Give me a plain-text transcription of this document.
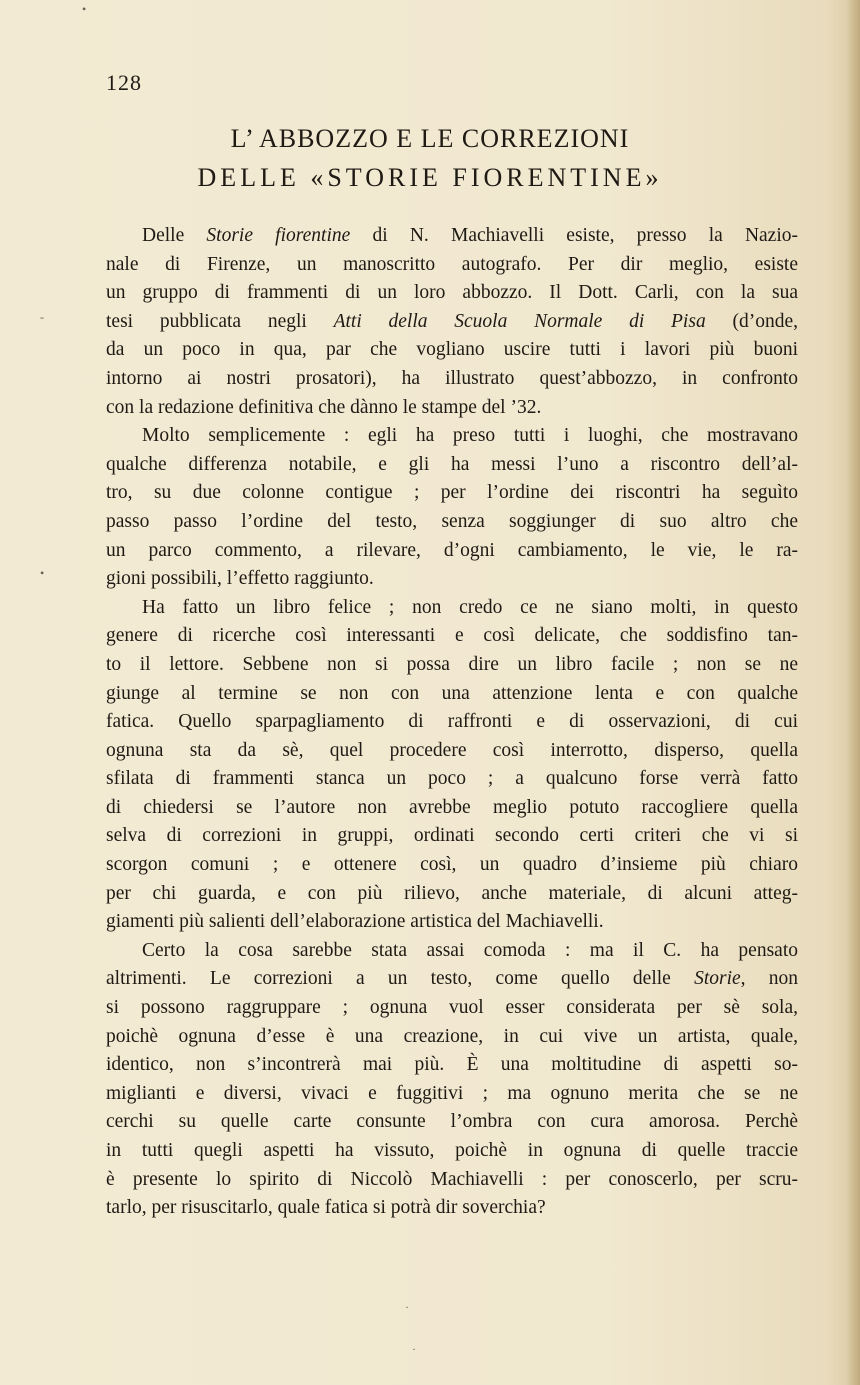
128
L’ ABBOZZO E LE CORREZIONI
DELLE «STORIE FIORENTINE»
Delle Storie fiorentine di N. Machiavelli esiste, presso la Nazio-
nale di Firenze, un manoscritto autografo. Per dir meglio, esiste
un gruppo di frammenti di un loro abbozzo. Il Dott. Carli, con la sua
tesi pubblicata negli Atti della Scuola Normale di Pisa (d’onde,
da un poco in qua, par che vogliano uscire tutti i lavori più buoni
intorno ai nostri prosatori), ha illustrato quest’abbozzo, in confronto
con la redazione definitiva che dànno le stampe del ’32.
Molto semplicemente : egli ha preso tutti i luoghi, che mostravano
qualche differenza notabile, e gli ha messi l’uno a riscontro dell’al-
tro, su due colonne contigue ; per l’ordine dei riscontri ha seguìto
passo passo l’ordine del testo, senza soggiunger di suo altro che
un parco commento, a rilevare, d’ogni cambiamento, le vie, le ra-
gioni possibili, l’effetto raggiunto.
Ha fatto un libro felice ; non credo ce ne siano molti, in questo
genere di ricerche così interessanti e così delicate, che soddisfino tan-
to il lettore. Sebbene non si possa dire un libro facile ; non se ne
giunge al termine se non con una attenzione lenta e con qualche
fatica. Quello sparpagliamento di raffronti e di osservazioni, di cui
ognuna sta da sè, quel procedere così interrotto, disperso, quella
sfilata di frammenti stanca un poco ; a qualcuno forse verrà fatto
di chiedersi se l’autore non avrebbe meglio potuto raccogliere quella
selva di correzioni in gruppi, ordinati secondo certi criteri che vi si
scorgon comuni ; e ottenere così, un quadro d’insieme più chiaro
per chi guarda, e con più rilievo, anche materiale, di alcuni atteg-
giamenti più salienti dell’elaborazione artistica del Machiavelli.
Certo la cosa sarebbe stata assai comoda : ma il C. ha pensato
altrimenti. Le correzioni a un testo, come quello delle Storie, non
si possono raggruppare ; ognuna vuol esser considerata per sè sola,
poichè ognuna d’esse è una creazione, in cui vive un artista, quale,
identico, non s’incontrerà mai più. È una moltitudine di aspetti so-
miglianti e diversi, vivaci e fuggitivi ; ma ognuno merita che se ne
cerchi su quelle carte consunte l’ombra con cura amorosa. Perchè
in tutti quegli aspetti ha vissuto, poichè in ognuna di quelle traccie
è presente lo spirito di Niccolò Machiavelli : per conoscerlo, per scru-
tarlo, per risuscitarlo, quale fatica si potrà dir soverchia?
•
-
•
·
·
